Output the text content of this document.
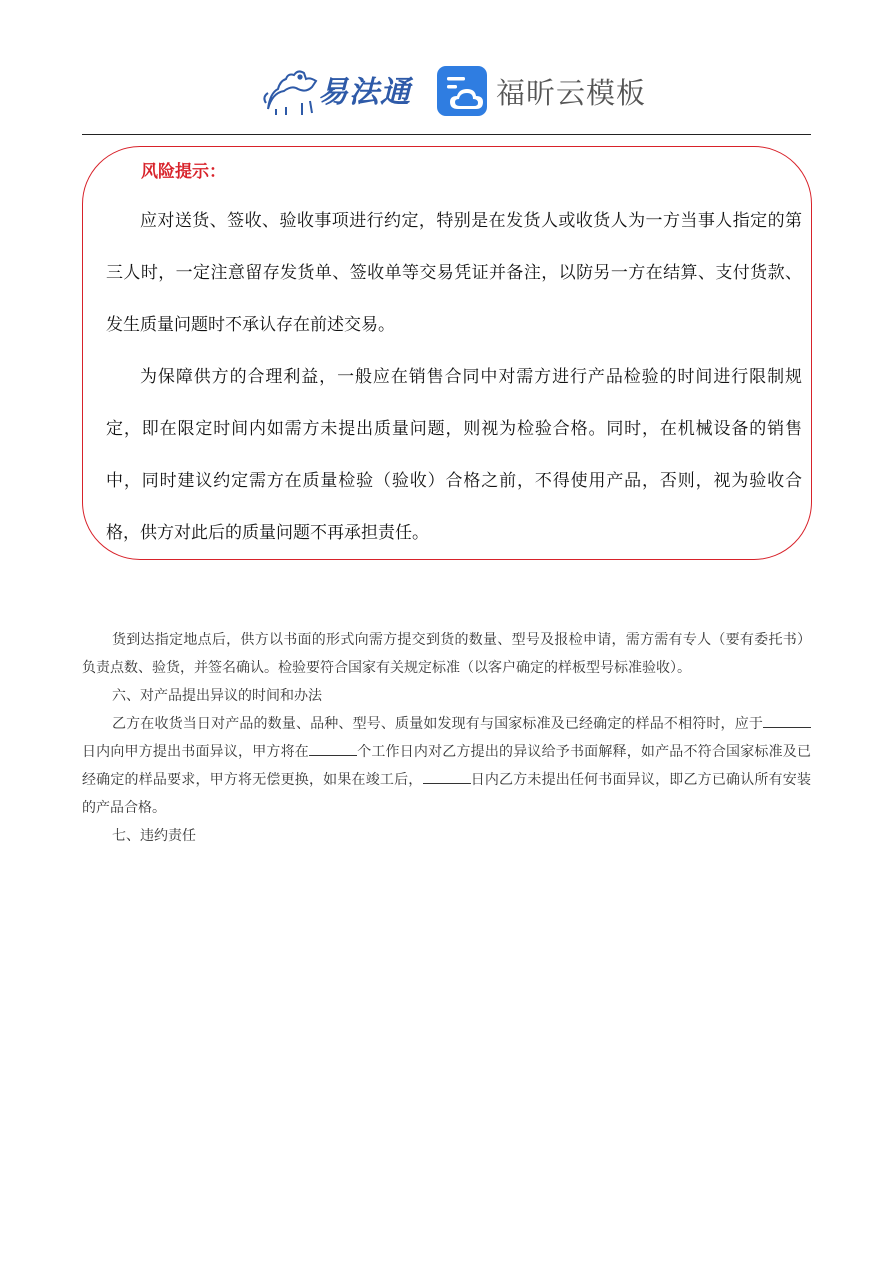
易法通	福昕云模板
风险提示：

应对送货、签收、验收事项进行约定，特别是在发货人或收货人为一方当事人指定的第三人时，一定注意留存发货单、签收单等交易凭证并备注，以防另一方在结算、支付货款、发生质量问题时不承认存在前述交易。

为保障供方的合理利益，一般应在销售合同中对需方进行产品检验的时间进行限制规定，即在限定时间内如需方未提出质量问题，则视为检验合格。同时，在机械设备的销售中，同时建议约定需方在质量检验（验收）合格之前，不得使用产品，否则，视为验收合格，供方对此后的质量问题不再承担责任。

货到达指定地点后，供方以书面的形式向需方提交到货的数量、型号及报检申请，需方需有专人（要有委托书）负责点数、验货，并签名确认。检验要符合国家有关规定标准（以客户确定的样板型号标准验收）。

六、对产品提出异议的时间和办法

乙方在收货当日对产品的数量、品种、型号、质量如发现有与国家标准及已经确定的样品不相符时，应于日内向甲方提出书面异议，甲方将在	个工作日内对乙方提出的异议给予书面解释，如产品不符合国家标准及已经确定的样品要求，甲方将无偿更换，如果在竣工后，	日内乙方未提出任何书面异议，即乙方已确认所有安装的产品合格。

七、违约责任
